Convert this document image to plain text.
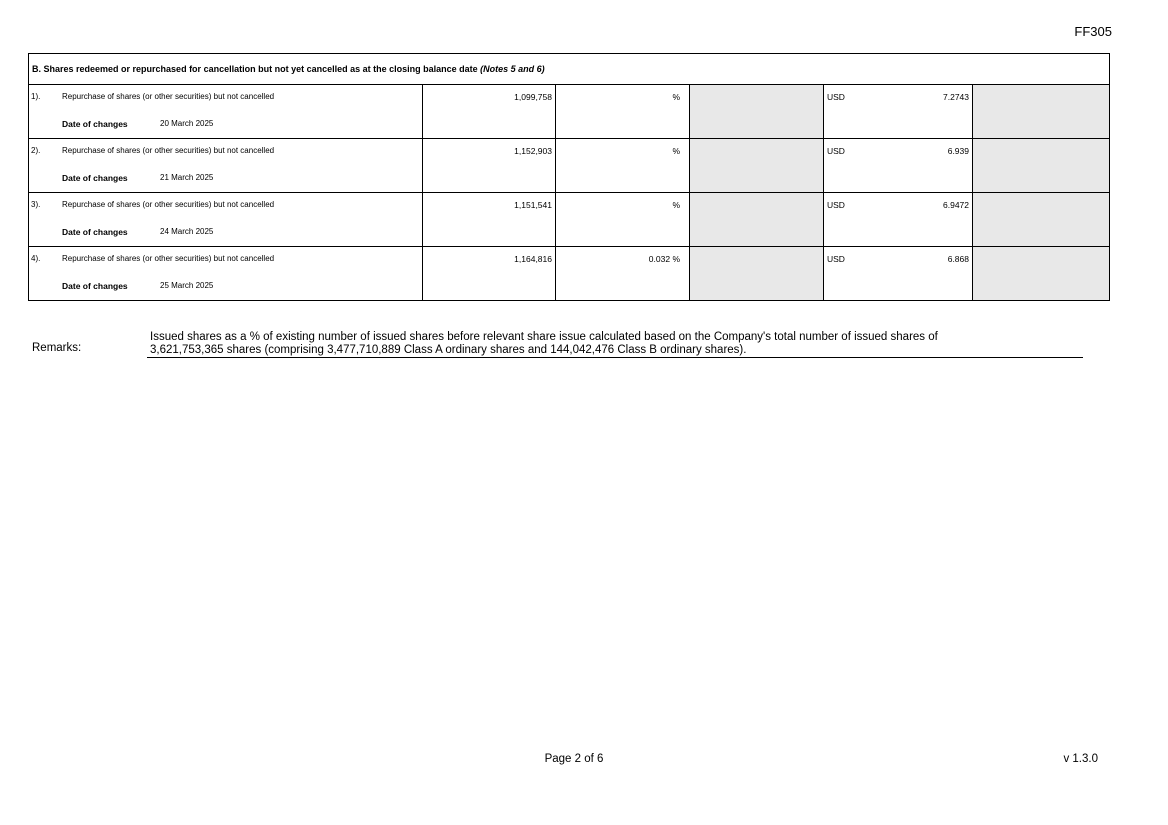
FF305
B. Shares redeemed or repurchased for cancellation but not yet cancelled as at the closing balance date (Notes 5 and 6)					

1). Repurchase of shares (or other securities) but not cancelled
Date of changes 20 March 2025	1,099,758	%		USD 7.2743	

2). Repurchase of shares (or other securities) but not cancelled
Date of changes 21 March 2025	1,152,903	%		USD 6.939	

3). Repurchase of shares (or other securities) but not cancelled
Date of changes 24 March 2025	1,151,541	%		USD 6.9472	

4). Repurchase of shares (or other securities) but not cancelled
Date of changes 25 March 2025	1,164,816	0.032 %		USD 6.868	

Remarks:
Issued shares as a % of existing number of issued shares before relevant share issue calculated based on the Company's total number of issued shares of
3,621,753,365 shares (comprising 3,477,710,889 Class A ordinary shares and 144,042,476 Class B ordinary shares).
Page 2 of 6	v 1.3.0
